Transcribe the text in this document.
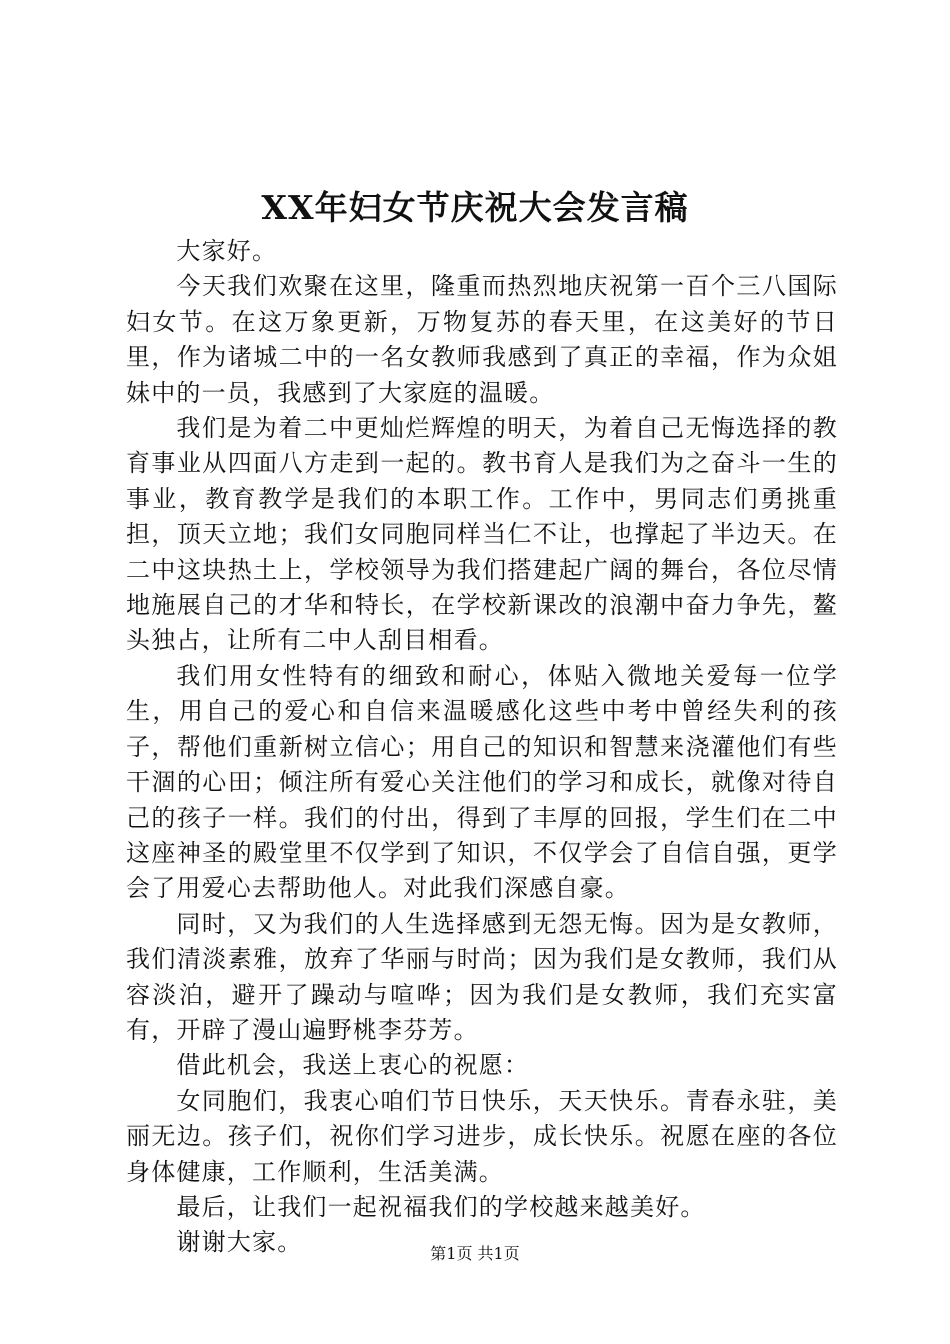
XX年妇女节庆祝大会发言稿

大家好。

今天我们欢聚在这里，隆重而热烈地庆祝第一百个三八国际妇女节。在这万象更新，万物复苏的春天里，在这美好的节日里，作为诸城二中的一名女教师我感到了真正的幸福，作为众姐妹中的一员，我感到了大家庭的温暖。

我们是为着二中更灿烂辉煌的明天，为着自己无悔选择的教育事业从四面八方走到一起的。教书育人是我们为之奋斗一生的事业，教育教学是我们的本职工作。工作中，男同志们勇挑重担，顶天立地；我们女同胞同样当仁不让，也撑起了半边天。在二中这块热土上，学校领导为我们搭建起广阔的舞台，各位尽情地施展自己的才华和特长，在学校新课改的浪潮中奋力争先，鳌头独占，让所有二中人刮目相看。

我们用女性特有的细致和耐心，体贴入微地关爱每一位学生，用自己的爱心和自信来温暖感化这些中考中曾经失利的孩子，帮他们重新树立信心；用自己的知识和智慧来浇灌他们有些干涸的心田；倾注所有爱心关注他们的学习和成长，就像对待自己的孩子一样。我们的付出，得到了丰厚的回报，学生们在二中这座神圣的殿堂里不仅学到了知识，不仅学会了自信自强，更学会了用爱心去帮助他人。对此我们深感自豪。

同时，又为我们的人生选择感到无怨无悔。因为是女教师，我们清淡素雅，放弃了华丽与时尚；因为我们是女教师，我们从容淡泊，避开了躁动与喧哗；因为我们是女教师，我们充实富有，开辟了漫山遍野桃李芬芳。

借此机会，我送上衷心的祝愿：

女同胞们，我衷心咱们节日快乐，天天快乐。青春永驻，美丽无边。孩子们，祝你们学习进步，成长快乐。祝愿在座的各位身体健康，工作顺利，生活美满。

最后，让我们一起祝福我们的学校越来越美好。

谢谢大家。	第1页 共1页
